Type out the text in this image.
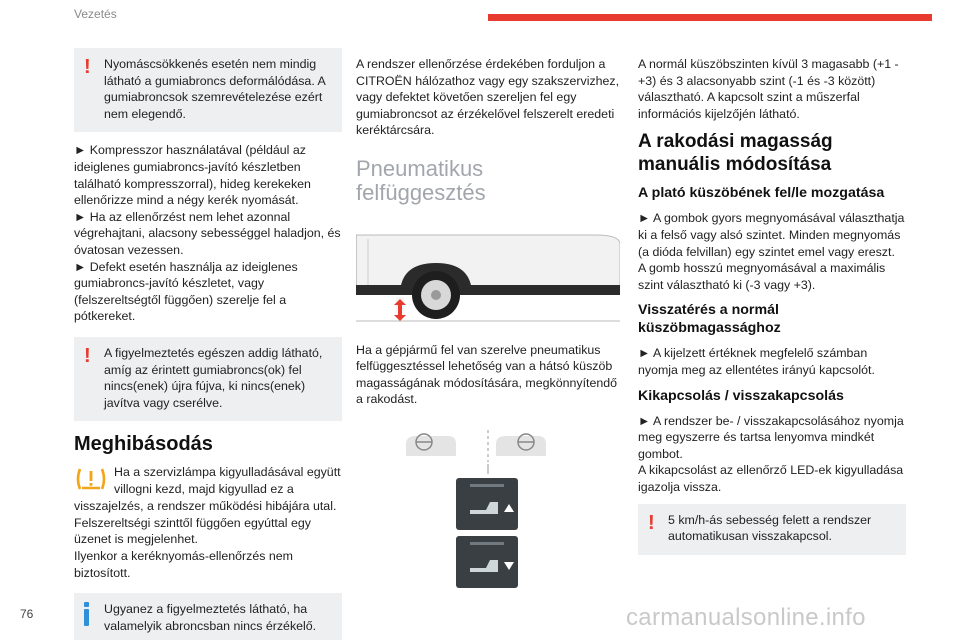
Vezetés
! Nyomáscsökkenés esetén nem mindig látható a gumiabroncs deformálódása. A gumiabroncsok szemrevételezése ezért nem elegendő.

► Kompresszor használatával (például az ideiglenes gumiabroncs-javító készletben található kompresszorral), hideg kerekeken ellenőrizze mind a négy kerék nyomását.

► Ha az ellenőrzést nem lehet azonnal végrehajtani, alacsony sebességgel haladjon, és óvatosan vezessen.

► Defekt esetén használja az ideiglenes gumiabroncs-javító készletet, vagy (felszereltségtől függően) szerelje fel a pótkereket.

! A figyelmeztetés egészen addig látható, amíg az érintett gumiabroncs(ok) fel nincs(enek) újra fújva, ki nincs(enek) javítva vagy cserélve.

Meghibásodás

Ha a szervizlámpa kigyulladásával együtt villogni kezd, majd kigyullad ez a

visszajelzés, a rendszer működési hibájára utal. Felszereltségi szinttől függően egyúttal egy üzenet is megjelenhet.

Ilyenkor a keréknyomás-ellenőrzés nem biztosított.

Ugyanez a figyelmeztetés látható, ha valamelyik abroncsban nincs érzékelő.

A rendszer ellenőrzése érdekében forduljon a CITROËN hálózathoz vagy egy szakszervizhez, vagy defektet követően szereljen fel egy gumiabroncsot az érzékelővel felszerelt eredeti keréktárcsára.

Pneumatikus felfüggesztés

Ha a gépjármű fel van szerelve pneumatikus felfüggesztéssel lehetőség van a hátsó küszöb magasságának módosítására, megkönnyítendő a rakodást.

A normál küszöbszinten kívül 3 magasabb (+1 - +3) és 3 alacsonyabb szint (-1 és -3 között) választható. A kapcsolt szint a műszerfal információs kijelzőjén látható.

A rakodási magasság manuális módosítása
A plató küszöbének fel/le mozgatása

► A gombok gyors megnyomásával választhatja ki a felső vagy alsó szintet. Minden megnyomás (a dióda felvillan) egy szintet emel vagy ereszt.

A gomb hosszú megnyomásával a maximális szint választható ki (-3 vagy +3).

Visszatérés a normál küszöbmagassághoz

► A kijelzett értéknek megfelelő számban nyomja meg az ellentétes irányú kapcsolót.

Kikapcsolás / visszakapcsolás

► A rendszer be- / visszakapcsolásához nyomja meg egyszerre és tartsa lenyomva mindkét gombot.

A kikapcsolást az ellenőrző LED-ek kigyulladása igazolja vissza.

! 5 km/h-ás sebesség felett a rendszer automatikusan visszakapcsol.

76	carmanualsonline.info
